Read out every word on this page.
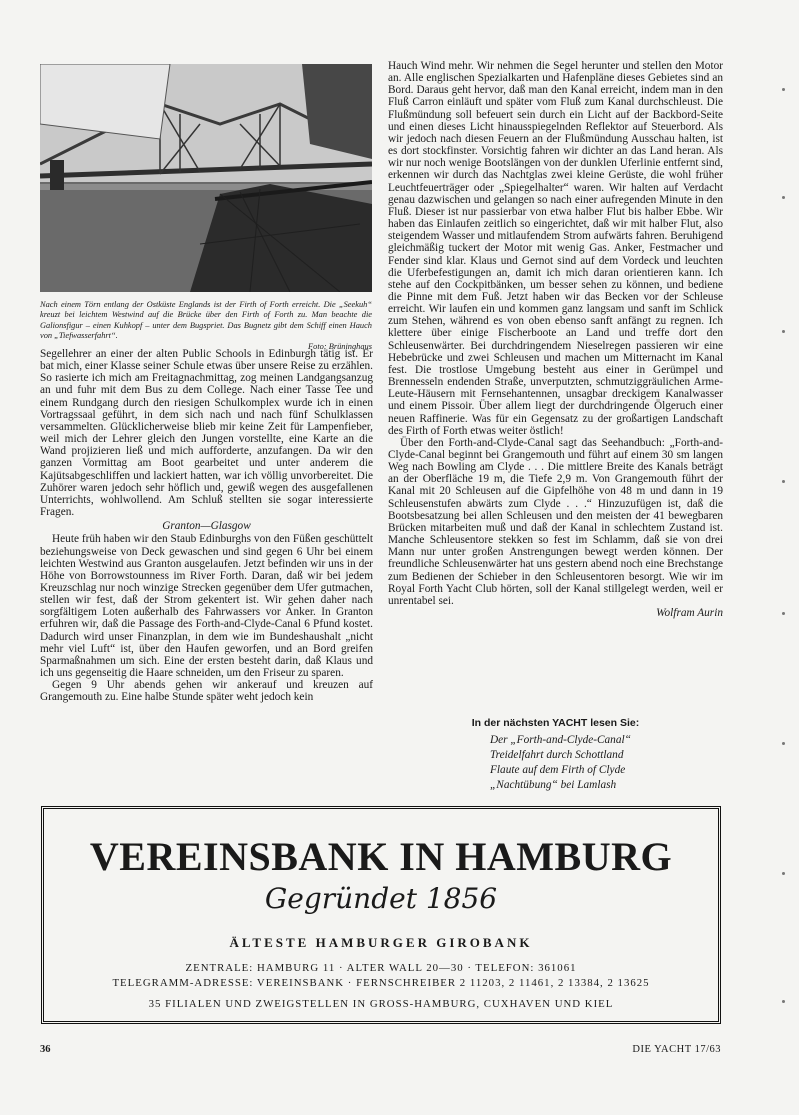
Nach einem Törn entlang der Ostküste Englands ist der Firth of Forth erreicht. Die „Seekuh“ kreuzt bei leichtem Westwind auf die Brücke über den Firth of Forth zu. Man beachte die Galionsfigur – einen Kuhkopf – unter dem Bugspriet. Das Bugnetz gibt dem Schiff einen Hauch von „Tiefwasserfahrt“.
Foto: Brüninghaus

Segellehrer an einer der alten Public Schools in Edinburgh tätig ist. Er bat mich, einer Klasse seiner Schule etwas über unsere Reise zu erzählen. So rasierte ich mich am Freitagnachmittag, zog meinen Landgangsanzug an und fuhr mit dem Bus zu dem College. Nach einer Tasse Tee und einem Rundgang durch den riesigen Schulkomplex wurde ich in einen Vortragssaal geführt, in dem sich nach und nach fünf Schulklassen versammelten. Glücklicherweise blieb mir keine Zeit für Lampenfieber, weil mich der Lehrer gleich den Jungen vorstellte, eine Karte an die Wand projizieren ließ und mich aufforderte, anzufangen. Da wir den ganzen Vormittag am Boot gearbeitet und unter anderem die Kajütsabgeschliffen und lackiert hatten, war ich völlig unvorbereitet. Die Zuhörer waren jedoch sehr höflich und, gewiß wegen des ausgefallenen Unterrichts, wohlwollend. Am Schluß stellten sie sogar interessierte Fragen.

Granton—Glasgow

Heute früh haben wir den Staub Edinburghs von den Füßen geschüttelt beziehungsweise von Deck gewaschen und sind gegen 6 Uhr bei einem leichten Westwind aus Granton ausgelaufen. Jetzt befinden wir uns in der Höhe von Borrowstounness im River Forth. Daran, daß wir bei jedem Kreuzschlag nur noch winzige Strecken gegenüber dem Ufer gutmachen, stellen wir fest, daß der Strom gekentert ist. Wir gehen daher nach sorgfältigem Loten außerhalb des Fahrwassers vor Anker. In Granton erfuhren wir, daß die Passage des Forth-and-Clyde-Canal 6 Pfund kostet. Dadurch wird unser Finanzplan, in dem wie im Bundeshaushalt „nicht mehr viel Luft“ ist, über den Haufen geworfen, und an Bord greifen Sparmaßnahmen um sich. Eine der ersten besteht darin, daß Klaus und ich uns gegenseitig die Haare schneiden, um den Friseur zu sparen.

Gegen 9 Uhr abends gehen wir ankerauf und kreuzen auf Grangemouth zu. Eine halbe Stunde später weht jedoch kein

Hauch Wind mehr. Wir nehmen die Segel herunter und stellen den Motor an. Alle englischen Spezialkarten und Hafenpläne dieses Gebietes sind an Bord. Daraus geht hervor, daß man den Kanal erreicht, indem man in den Fluß Carron einläuft und später vom Fluß zum Kanal durchschleust. Die Flußmündung soll befeuert sein durch ein Licht auf der Backbord-Seite und einen dieses Licht hinausspiegelnden Reflektor auf Steuerbord. Als wir jedoch nach diesen Feuern an der Flußmündung Ausschau halten, ist es dort stockfinster. Vorsichtig fahren wir dichter an das Land heran. Als wir nur noch wenige Bootslängen von der dunklen Uferlinie entfernt sind, erkennen wir durch das Nachtglas zwei kleine Gerüste, die wohl früher Leuchtfeuerträger oder „Spiegelhalter“ waren. Wir halten auf Verdacht genau dazwischen und gelangen so nach einer aufregenden Minute in den Fluß. Dieser ist nur passierbar von etwa halber Flut bis halber Ebbe. Wir haben das Einlaufen zeitlich so eingerichtet, daß wir mit halber Flut, also steigendem Wasser und mitlaufendem Strom aufwärts fahren. Beruhigend gleichmäßig tuckert der Motor mit wenig Gas. Anker, Festmacher und Fender sind klar. Klaus und Gernot sind auf dem Vordeck und leuchten die Uferbefestigungen an, damit ich mich daran orientieren kann. Ich stehe auf den Cockpitbänken, um besser sehen zu können, und bediene die Pinne mit dem Fuß. Jetzt haben wir das Becken vor der Schleuse erreicht. Wir laufen ein und kommen ganz langsam und sanft im Schlick zum Stehen, während es von oben ebenso sanft anfängt zu regnen. Ich klettere über einige Fischerboote an Land und treffe dort den Schleusenwärter. Bei durchdringendem Nieselregen passieren wir eine Hebebrücke und zwei Schleusen und machen um Mitternacht im Kanal fest. Die trostlose Umgebung besteht aus einer in Gerümpel und Brennesseln endenden Straße, unverputzten, schmutziggräulichen Arme-Leute-Häusern mit Fernsehantennen, unsagbar dreckigem Kanalwasser und einem Pissoir. Über allem liegt der durchdringende Ölgeruch einer neuen Raffinerie. Was für ein Gegensatz zu der großartigen Landschaft des Firth of Forth etwas weiter östlich!

Über den Forth-and-Clyde-Canal sagt das Seehandbuch: „Forth-and-Clyde-Canal beginnt bei Grangemouth und führt auf einem 30 sm langen Weg nach Bowling am Clyde . . . Die mittlere Breite des Kanals beträgt an der Oberfläche 19 m, die Tiefe 2,9 m. Von Grangemouth führt der Kanal mit 20 Schleusen auf die Gipfelhöhe von 48 m und dann in 19 Schleusenstufen abwärts zum Clyde . . .“ Hinzuzufügen ist, daß die Bootsbesatzung bei allen Schleusen und den meisten der 41 bewegbaren Brücken mitarbeiten muß und daß der Kanal in schlechtem Zustand ist. Manche Schleusentore stekken so fest im Schlamm, daß sie von drei Mann nur unter großen Anstrengungen bewegt werden können. Der freundliche Schleusenwärter hat uns gestern abend noch eine Brechstange zum Bedienen der Schieber in den Schleusentoren besorgt. Wie wir im Royal Forth Yacht Club hörten, soll der Kanal stillgelegt werden, weil er unrentabel sei.

Wolfram Aurin

In der nächsten YACHT lesen Sie:
Der „Forth-and-Clyde-Canal“
Treidelfahrt durch Schottland
Flaute auf dem Firth of Clyde
„Nachtübung“ bei Lamlash
VEREINSBANK IN HAMBURG
Gegründet 1856
ÄLTESTE HAMBURGER GIROBANK
ZENTRALE: HAMBURG 11 · ALTER WALL 20—30 · TELEFON: 361061
TELEGRAMM-ADRESSE: VEREINSBANK · FERNSCHREIBER 2 11203, 2 11461, 2 13384, 2 13625
35 FILIALEN UND ZWEIGSTELLEN IN GROSS-HAMBURG, CUXHAVEN UND KIEL
36	DIE YACHT 17/63
